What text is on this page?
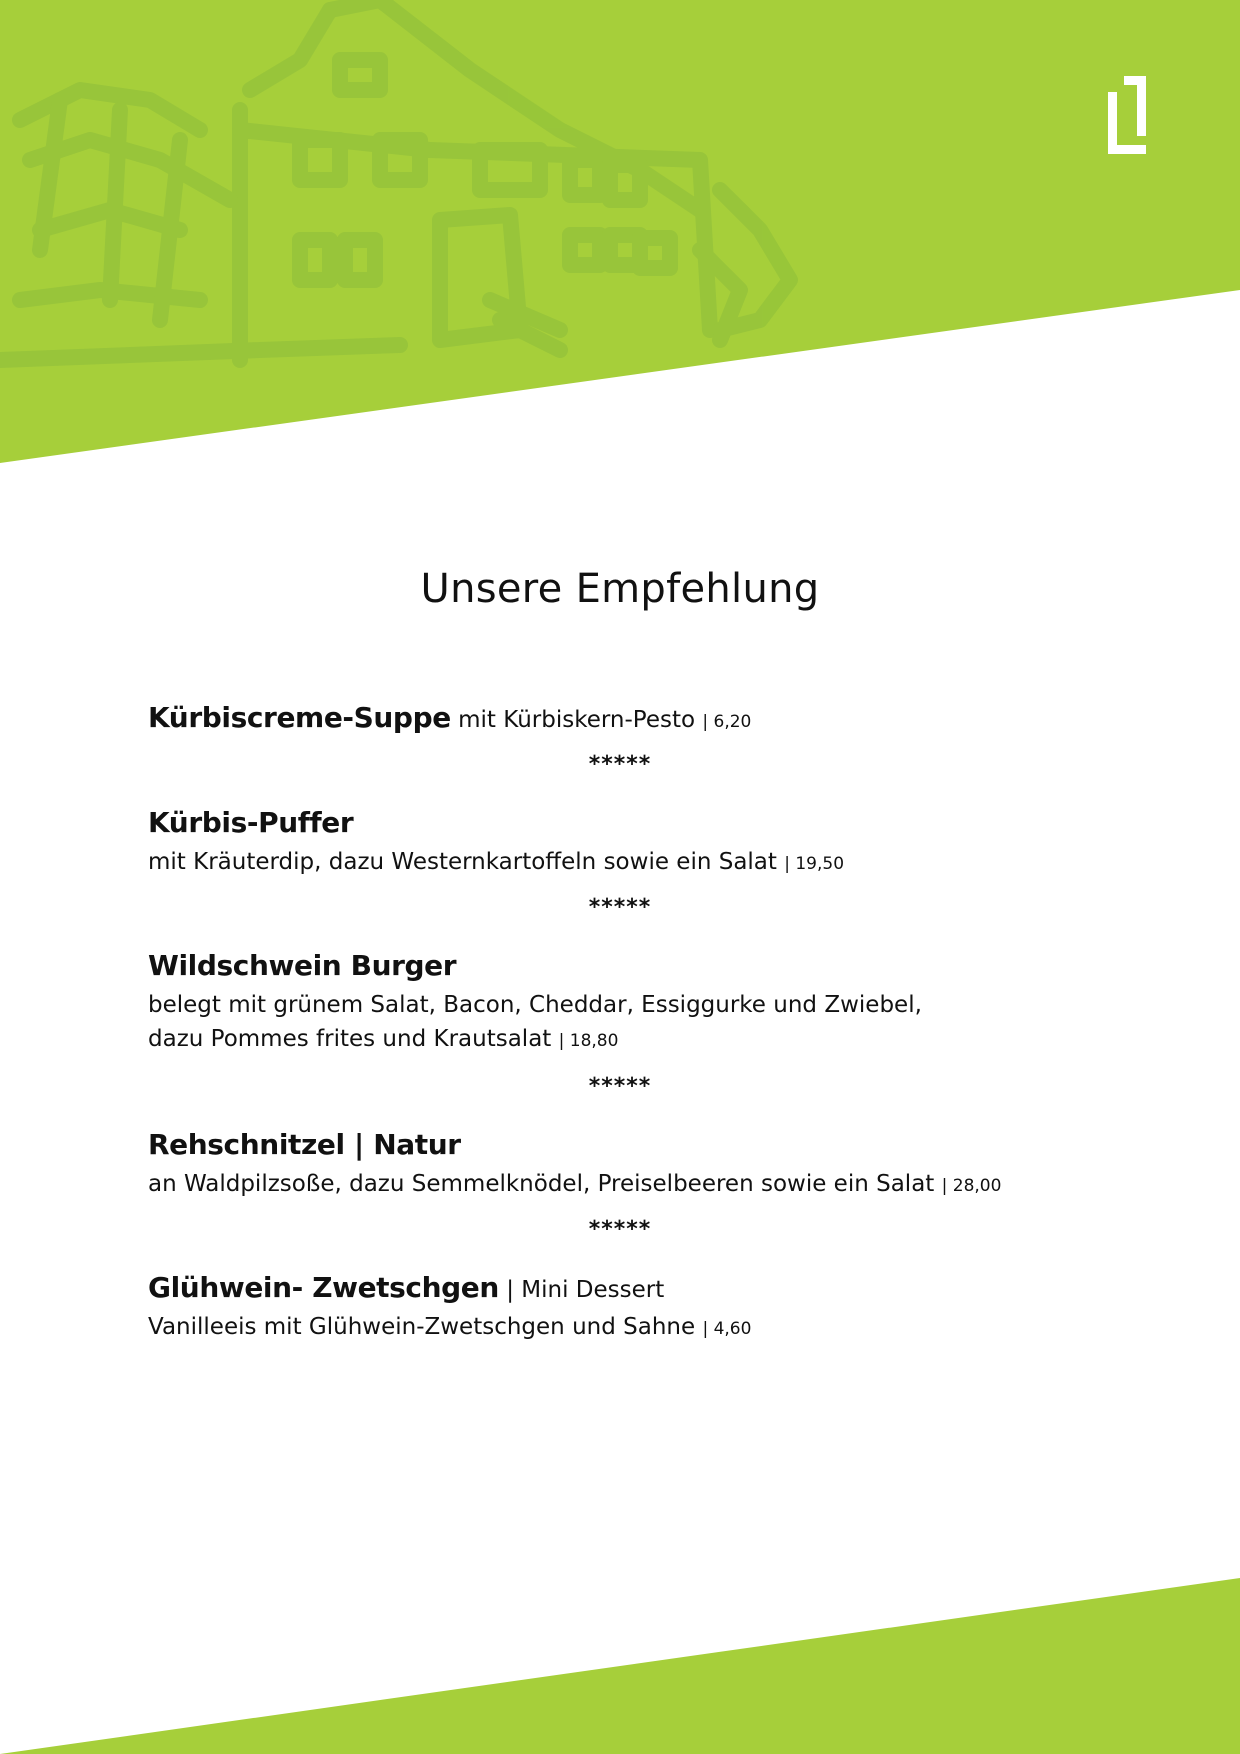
Unsere Empfehlung
Kürbiscreme-Suppe mit Kürbiskern-Pesto | 6,20
*****
Kürbis-Puffer
mit Kräuterdip, dazu Westernkartoffeln sowie ein Salat | 19,50
*****
Wildschwein Burger
belegt mit grünem Salat, Bacon, Cheddar, Essiggurke und Zwiebel,
dazu Pommes frites und Krautsalat | 18,80
*****
Rehschnitzel | Natur
an Waldpilzsoße, dazu Semmelknödel, Preiselbeeren sowie ein Salat | 28,00
*****
Glühwein- Zwetschgen | Mini Dessert
Vanilleeis mit Glühwein-Zwetschgen und Sahne | 4,60
